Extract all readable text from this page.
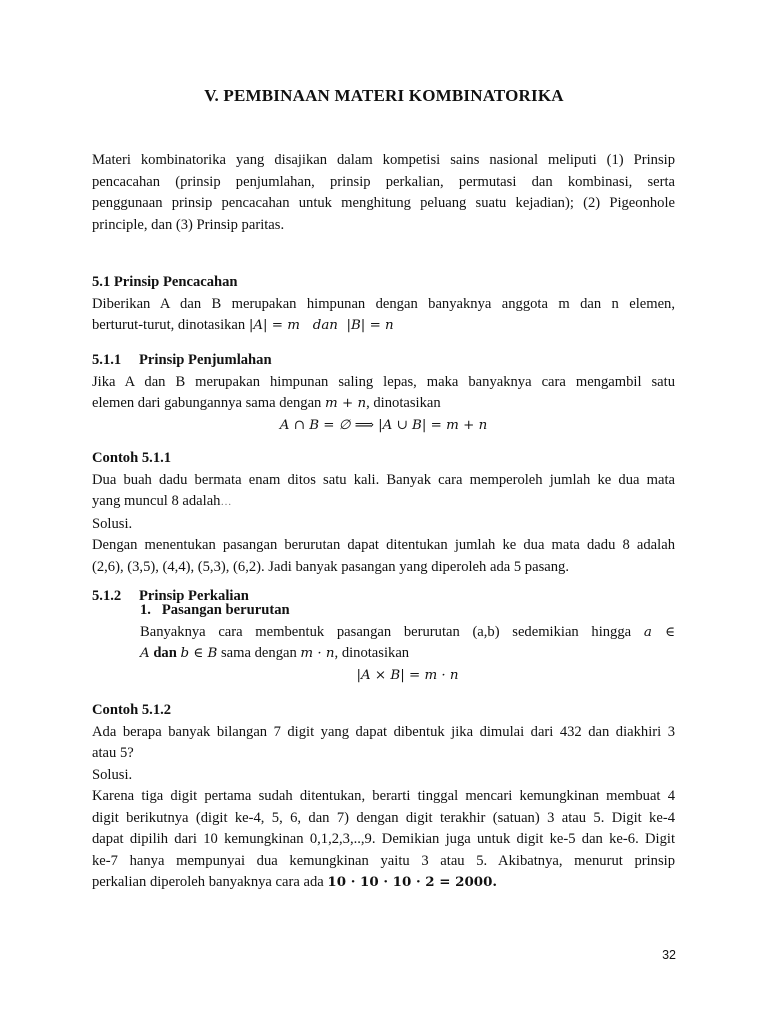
V. PEMBINAAN MATERI KOMBINATORIKA
Materi kombinatorika yang disajikan dalam kompetisi sains nasional meliputi (1) Prinsip
pencacahan (prinsip penjumlahan, prinsip perkalian, permutasi dan kombinasi, serta
penggunaan prinsip pencacahan untuk menghitung peluang suatu kejadian); (2) Pigeonhole
principle, dan (3) Prinsip paritas.
5.1 Prinsip Pencacahan
Diberikan A dan B merupakan himpunan dengan banyaknya anggota m dan n elemen,
berturut-turut, dinotasikan |A| = m   dan  |B| = n
5.1.1 Prinsip Penjumlahan
Jika A dan B merupakan himpunan saling lepas, maka banyaknya cara mengambil satu
elemen dari gabungannya sama dengan m + n, dinotasikan
A ∩ B = ∅ ⟹ |A ∪ B| = m + n
Contoh 5.1.1
Dua buah dadu bermata enam ditos satu kali. Banyak cara memperoleh jumlah ke dua mata
yang muncul 8 adalah…
Solusi.
Dengan menentukan pasangan berurutan dapat ditentukan jumlah ke dua mata dadu 8 adalah
(2,6), (3,5), (4,4), (5,3), (6,2). Jadi banyak pasangan yang diperoleh ada 5 pasang.
5.1.2 Prinsip Perkalian
1.   Pasangan berurutan
Banyaknya cara membentuk pasangan berurutan (a,b) sedemikian hingga a ∈
A dan b ∈ B sama dengan m · n, dinotasikan
|A × B| = m · n
Contoh 5.1.2
Ada berapa banyak bilangan 7 digit yang dapat dibentuk jika dimulai dari 432 dan diakhiri 3
atau 5?
Solusi.
Karena tiga digit pertama sudah ditentukan, berarti tinggal mencari kemungkinan membuat 4
digit berikutnya (digit ke-4, 5, 6, dan 7) dengan digit terakhir (satuan) 3 atau 5. Digit ke-4
dapat dipilih dari 10 kemungkinan 0,1,2,3,..,9. Demikian juga untuk digit ke-5 dan ke-6. Digit
ke-7 hanya mempunyai dua kemungkinan yaitu 3 atau 5. Akibatnya, menurut prinsip
perkalian diperoleh banyaknya cara ada 10 · 10 · 10 · 2 = 2000.
32
